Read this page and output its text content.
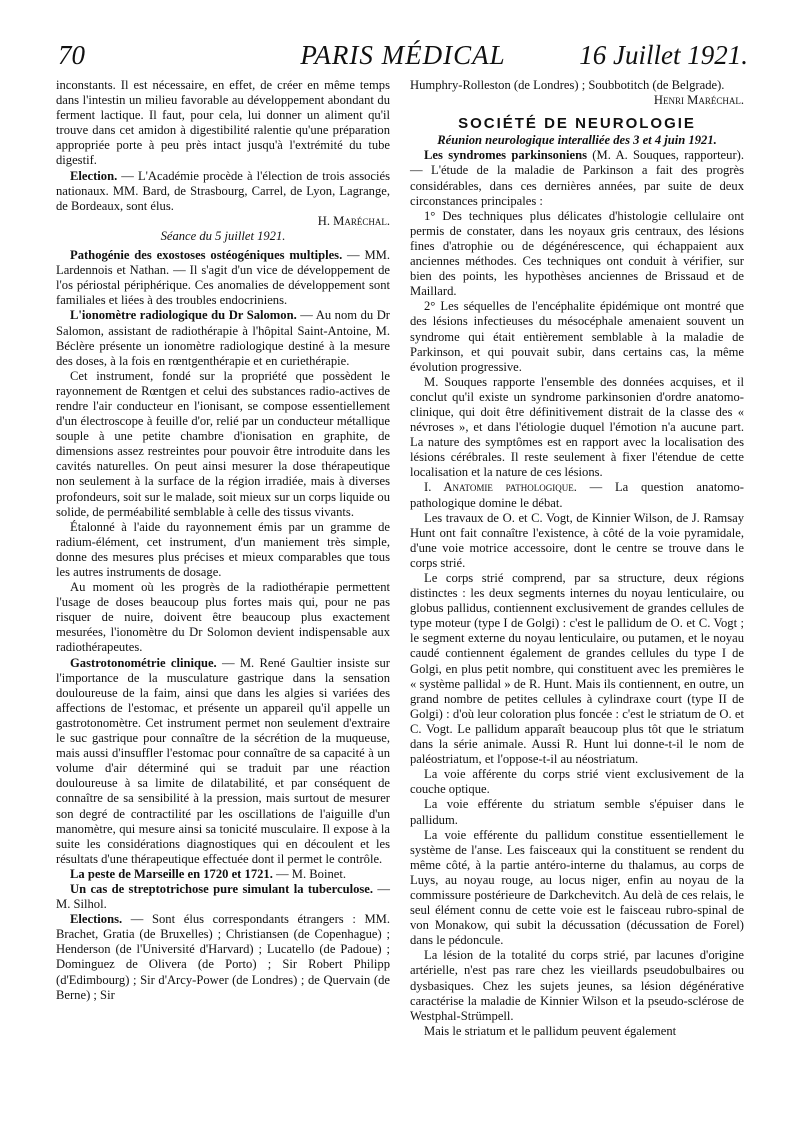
70	PARIS MÉDICAL	16 Juillet 1921.

inconstants. Il est nécessaire, en effet, de créer en même temps dans l'intestin un milieu favorable au développement abondant du ferment lactique. Il faut, pour cela, lui donner un aliment qu'il trouve dans cet amidon à digestibilité ralentie qu'une préparation appropriée porte à peu près intact jusqu'à l'extrémité du tube digestif.

Election. — L'Académie procède à l'élection de trois associés nationaux. MM. Bard, de Strasbourg, Carrel, de Lyon, Lagrange, de Bordeaux, sont élus.

H. Maréchal.

Séance du 5 juillet 1921.

Pathogénie des exostoses ostéogéniques multiples. — MM. Lardennois et Nathan. — Il s'agit d'un vice de développement de l'os périostal périphérique. Ces anomalies de développement sont familiales et liées à des troubles endocriniens.

L'ionomètre radiologique du Dr Salomon. — Au nom du Dr Salomon, assistant de radiothérapie à l'hôpital Saint-Antoine, M. Béclère présente un ionomètre radiologique destiné à la mesure des doses, à la fois en rœntgenthérapie et en curiethérapie.

Cet instrument, fondé sur la propriété que possèdent le rayonnement de Rœntgen et celui des substances radio-actives de rendre l'air conducteur en l'ionisant, se compose essentiellement d'un électroscope à feuille d'or, relié par un conducteur métallique souple à une petite chambre d'ionisation en graphite, de dimensions assez restreintes pour pouvoir être introduite dans les cavités naturelles. On peut ainsi mesurer la dose thérapeutique non seulement à la surface de la région irradiée, mais à diverses profondeurs, soit sur le malade, soit mieux sur un corps liquide ou solide, de perméabilité semblable à celle des tissus vivants.

Étalonné à l'aide du rayonnement émis par un gramme de radium-élément, cet instrument, d'un maniement très simple, donne des mesures plus précises et mieux comparables que tous les autres instruments de dosage.

Au moment où les progrès de la radiothérapie permettent l'usage de doses beaucoup plus fortes mais qui, pour ne pas risquer de nuire, doivent être beaucoup plus exactement mesurées, l'ionomètre du Dr Solomon devient indispensable aux radiothérapeutes.

Gastrotonométrie clinique. — M. René Gaultier insiste sur l'importance de la musculature gastrique dans la sensation douloureuse de la faim, ainsi que dans les algies si variées des affections de l'estomac, et présente un appareil qu'il appelle un gastrotonomètre. Cet instrument permet non seulement d'extraire le suc gastrique pour connaître de la sécrétion de la muqueuse, mais aussi d'insuffler l'estomac pour connaître de sa capacité à un volume d'air déterminé qui se traduit par une réaction douloureuse à sa limite de dilatabilité, et par conséquent de connaître de sa sensibilité à la pression, mais surtout de mesurer son degré de contractilité par les oscillations de l'aiguille d'un manomètre, qui mesure ainsi sa tonicité musculaire. Il expose à la suite les considérations diagnostiques qui en découlent et les résultats d'une thérapeutique effectuée dont il permet le contrôle.

La peste de Marseille en 1720 et 1721. — M. Boinet.

Un cas de streptotrichose pure simulant la tuberculose. — M. Silhol.

Elections. — Sont élus correspondants étrangers : MM. Brachet, Gratia (de Bruxelles) ; Christiansen (de Copenhague) ; Henderson (de l'Université d'Harvard) ; Lucatello (de Padoue) ; Dominguez de Olivera (de Porto) ; Sir Robert Philipp (d'Edimbourg) ; Sir d'Arcy-Power (de Londres) ; de Quervain (de Berne) ; Sir

Humphry-Rolleston (de Londres) ; Soubbotitch (de Belgrade).

Henri Maréchal.

SOCIÉTÉ DE NEUROLOGIE

Réunion neurologique interalliée des 3 et 4 juin 1921.

Les syndromes parkinsoniens (M. A. Souques, rapporteur). — L'étude de la maladie de Parkinson a fait des progrès considérables, dans ces dernières années, par suite de deux circonstances principales :

1° Des techniques plus délicates d'histologie cellulaire ont permis de constater, dans les noyaux gris centraux, des lésions fines d'atrophie ou de dégénérescence, qui échappaient aux anciennes méthodes. Ces techniques ont conduit à vérifier, sur bien des points, les hypothèses anciennes de Brissaud et de Maillard.

2° Les séquelles de l'encéphalite épidémique ont montré que des lésions infectieuses du mésocéphale amenaient souvent un syndrome qui était entièrement semblable à la maladie de Parkinson, et qui pouvait subir, dans certains cas, la même évolution progressive.

M. Souques rapporte l'ensemble des données acquises, et il conclut qu'il existe un syndrome parkinsonien d'ordre anatomo-clinique, qui doit être définitivement distrait de la classe des « névroses », et dans l'étiologie duquel l'émotion n'a aucune part. La nature des symptômes est en rapport avec la localisation des lésions cérébrales. Il reste seulement à fixer l'étendue de cette localisation et la nature de ces lésions.

I. Anatomie pathologique. — La question anatomo-pathologique domine le débat.

Les travaux de O. et C. Vogt, de Kinnier Wilson, de J. Ramsay Hunt ont fait connaître l'existence, à côté de la voie pyramidale, d'une voie motrice accessoire, dont le centre se trouve dans le corps strié.

Le corps strié comprend, par sa structure, deux régions distinctes : les deux segments internes du noyau lenticulaire, ou globus pallidus, contiennent exclusivement de grandes cellules de type moteur (type I de Golgi) : c'est le pallidum de O. et C. Vogt ; le segment externe du noyau lenticulaire, ou putamen, et le noyau caudé contiennent également de grandes cellules du type I de Golgi, en plus petit nombre, qui constituent avec les premières le « système pallidal » de R. Hunt. Mais ils contiennent, en outre, un grand nombre de petites cellules à cylindraxe court (type II de Golgi) : d'où leur coloration plus foncée : c'est le striatum de O. et C. Vogt. Le pallidum apparaît beaucoup plus tôt que le striatum dans la série animale. Aussi R. Hunt lui donne-t-il le nom de paléostriatum, et l'oppose-t-il au néostriatum.

La voie afférente du corps strié vient exclusivement de la couche optique.

La voie efférente du striatum semble s'épuiser dans le pallidum.

La voie efférente du pallidum constitue essentiellement le système de l'anse. Les faisceaux qui la constituent se rendent du même côté, à la partie antéro-interne du thalamus, au corps de Luys, au noyau rouge, au locus niger, enfin au noyau de la commissure postérieure de Darkchevitch. Au delà de ces relais, le seul élément connu de cette voie est le faisceau rubro-spinal de von Monakow, qui subit la décussation (décussation de Forel) dans le pédoncule.

La lésion de la totalité du corps strié, par lacunes d'origine artérielle, n'est pas rare chez les vieillards pseudobulbaires ou dysbasiques. Chez les sujets jeunes, sa lésion dégénérative caractérise la maladie de Kinnier Wilson et la pseudo-sclérose de Westphal-Strümpell.

Mais le striatum et le pallidum peuvent également
